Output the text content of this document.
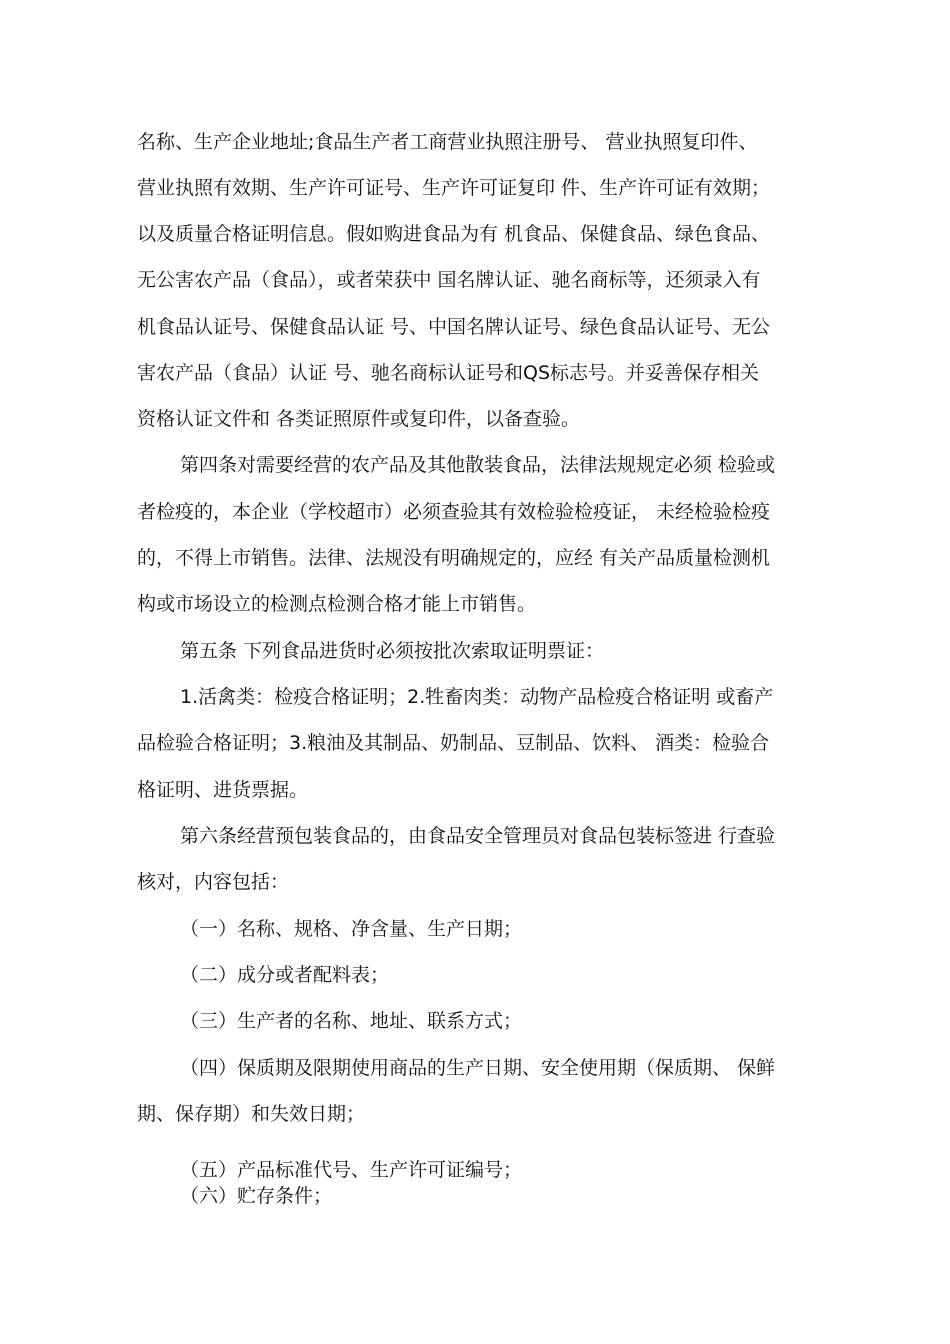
名称、生产企业地址;食品生产者工商营业执照注册号、 营业执照复印件、

营业执照有效期、生产许可证号、生产许可证复印 件、生产许可证有效期；

以及质量合格证明信息。假如购进食品为有 机食品、保健食品、绿色食品、

无公害农产品（食品），或者荣获中 国名牌认证、驰名商标等，还须录入有

机食品认证号、保健食品认证 号、中国名牌认证号、绿色食品认证号、无公

害农产品（食品）认证 号、驰名商标认证号和QS标志号。并妥善保存相关

资格认证文件和 各类证照原件或复印件，以备查验。

第四条对需要经营的农产品及其他散装食品，法律法规规定必须 检验或

者检疫的，本企业（学校超市）必须查验其有效检验检疫证， 未经检验检疫

的，不得上市销售。法律、法规没有明确规定的，应经 有关产品质量检测机

构或市场设立的检测点检测合格才能上市销售。

第五条 下列食品进货时必须按批次索取证明票证：

1.活禽类：检疫合格证明；2.牲畜肉类：动物产品检疫合格证明 或畜产

品检验合格证明；3.粮油及其制品、奶制品、豆制品、饮料、 酒类：检验合

格证明、进货票据。

第六条经营预包装食品的，由食品安全管理员对食品包装标签进 行查验

核对，内容包括：

（一）名称、规格、净含量、生产日期；

（二）成分或者配料表；

（三）生产者的名称、地址、联系方式；

（四）保质期及限期使用商品的生产日期、安全使用期（保质期、 保鲜

期、保存期）和失效日期；

（五）产品标准代号、生产许可证编号；

（六）贮存条件；
